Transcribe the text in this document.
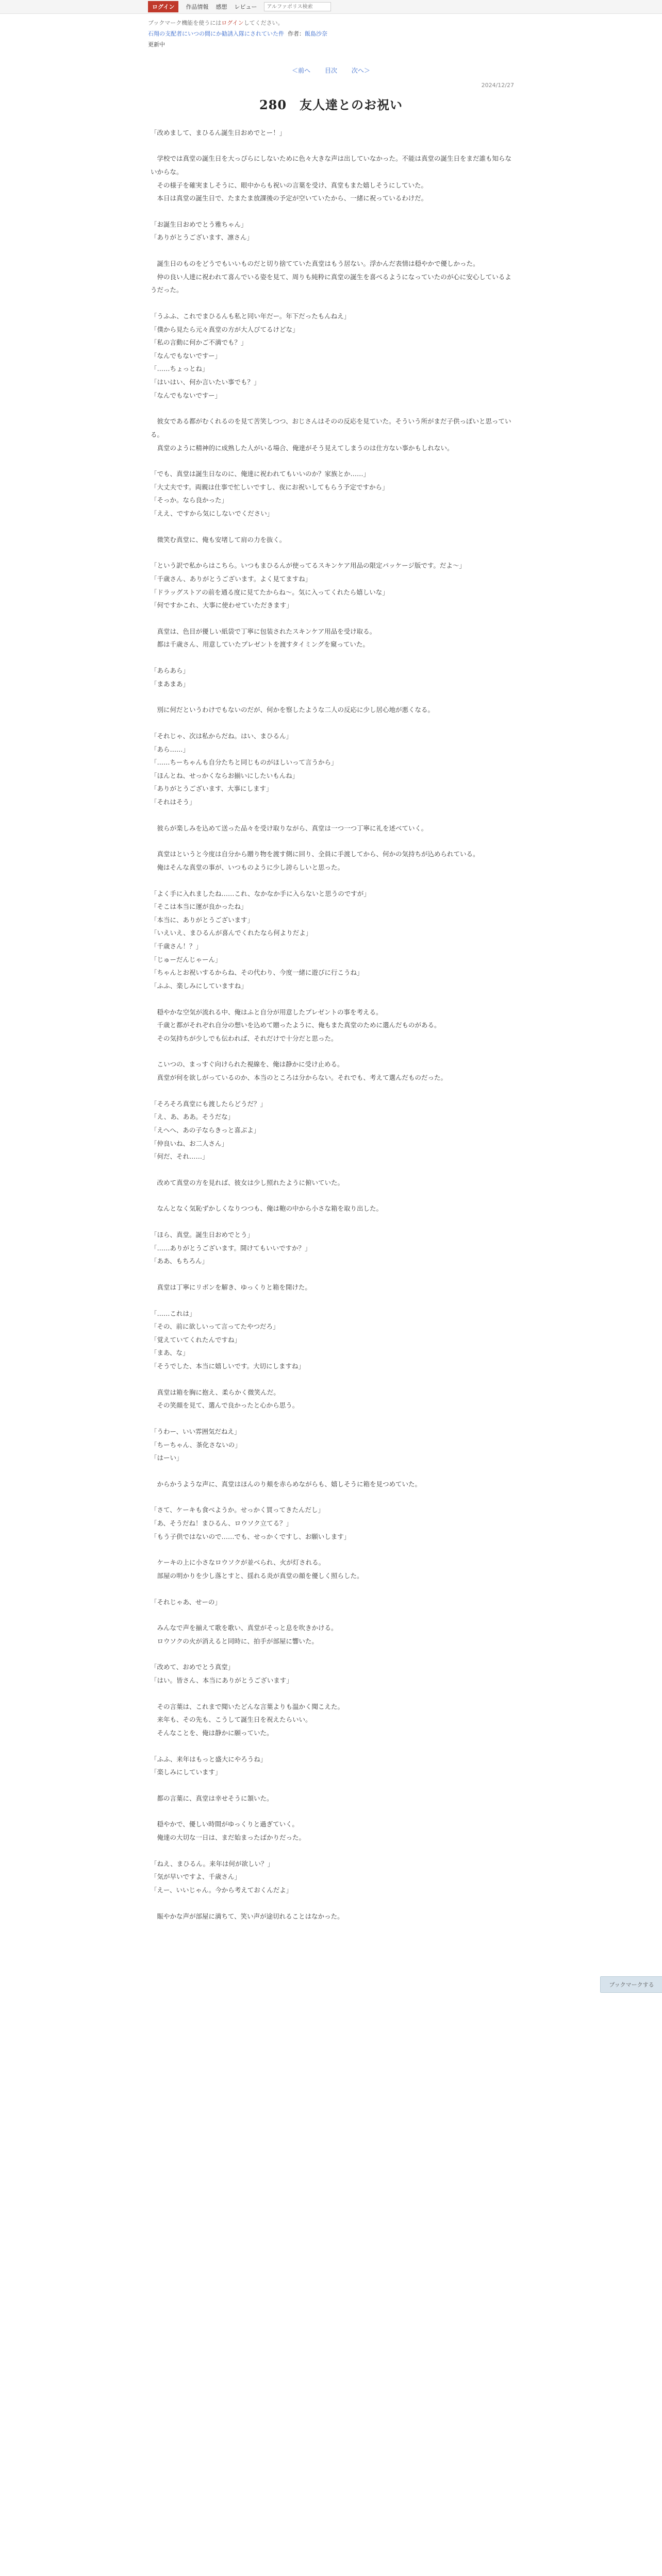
ログイン	作品情報 感想 レビュー
アルファポリス検索
ブックマーク機能を使うにはログインしてください。
石翔の支配者にいつの間にか勧誘入隊にされていた件 作者：飯島沙奈
更新中
＜前へ 目次 次へ＞
2024/12/27
280　友人達とのお祝い

「改めまして、まひるん誕生日おめでとー！」

　学校では真堂の誕生日を大っぴらにしないために色々大きな声は出していなかった。不能は真堂の誕生日をまだ誰も知らないからな。

　その様子を確実ましそうに、眼中からも祝いの言葉を受け、真堂もまた嬉しそうにしていた。

　本日は真堂の誕生日で、たまたま放課後の予定が空いていたから、一緒に祝っているわけだ。

「お誕生日おめでとう雅ちゃん」

「ありがとうございます、凛さん」

　誕生日のものをどうでもいいものだと切り捨てていた真堂はもう居ない。浮かんだ表情は穏やかで優しかった。

　仲の良い人達に祝われて喜んでいる姿を見て、周りも純粋に真堂の誕生を喜べるようになっていたのが心に安心しているようだった。

「うふふ、これでまひるんも私と同い年だー。年下だったもんねえ」

「僕から見たら元々真堂の方が大人びてるけどな」

「私の言動に何かご不満でも？」

「なんでもないですー」

「……ちょっとね」

「はいはい、何か言いたい事でも？」

「なんでもないですー」

　彼女である都がむくれるのを見て苦笑しつつ、おじさんはそのの反応を見ていた。そういう所がまだ子供っぽいと思っている。

　真堂のように精神的に成熟した人がいる場合、俺達がそう見えてしまうのは仕方ない事かもしれない。

「でも、真堂は誕生日なのに、俺達に祝われてもいいのか？家族とか……」

「大丈夫です。両親は仕事で忙しいですし、夜にお祝いしてもらう予定ですから」

「そっか。なら良かった」

「ええ、ですから気にしないでください」

　微笑む真堂に、俺も安堵して肩の力を抜く。

「という訳で私からはこちら。いつもまひるんが使ってるスキンケア用品の限定パッケージ版です。だよ〜」

「千歳さん、ありがとうございます。よく見てますね」

「ドラッグストアの前を通る度に見てたからね〜。気に入ってくれたら嬉しいな」

「何ですかこれ、大事に使わせていただきます」

　真堂は、色目が優しい紙袋で丁寧に包装されたスキンケア用品を受け取る。

　都は千歳さん、用意していたプレゼントを渡すタイミングを窺っていた。

「あらあら」

「まあまあ」

　別に何だというわけでもないのだが、何かを察したような二人の反応に少し居心地が悪くなる。

「それじゃ、次は私からだね。はい、まひるん」

「あら……」

「……ちーちゃんも自分たちと同じものがほしいって言うから」

「ほんとね、せっかくならお揃いにしたいもんね」

「ありがとうございます、大事にします」

「それはそう」

　彼らが楽しみを込めて送った品々を受け取りながら、真堂は一つ一つ丁寧に礼を述べていく。

　真堂はというと今度は自分から贈り物を渡す側に回り、全員に手渡してから、何かの気持ちが込められている。

　俺はそんな真堂の事が、いつものように少し誇らしいと思った。

「よく手に入れましたね……これ、なかなか手に入らないと思うのですが」

「そこは本当に運が良かったね」

「本当に、ありがとうございます」

「いえいえ、まひるんが喜んでくれたなら何よりだよ」

「千歳さん！？」

「じゅーだんじゃーん」

「ちゃんとお祝いするからね、その代わり、今度一緒に遊びに行こうね」

「ふふ、楽しみにしていますね」

　穏やかな空気が流れる中、俺はふと自分が用意したプレゼントの事を考える。

　千歳と都がそれぞれ自分の想いを込めて贈ったように、俺もまた真堂のために選んだものがある。

　その気持ちが少しでも伝われば、それだけで十分だと思った。

　こいつの、まっすぐ向けられた視線を、俺は静かに受け止める。

　真堂が何を欲しがっているのか、本当のところは分からない。それでも、考えて選んだものだった。

「そろそろ真堂にも渡したらどうだ？」

「え、あ、ああ。そうだな」

「えへへ、あの子ならきっと喜ぶよ」

「仲良いね、お二人さん」

「何だ、それ……」

　改めて真堂の方を見れば、彼女は少し照れたように俯いていた。

　なんとなく気恥ずかしくなりつつも、俺は鞄の中から小さな箱を取り出した。

「ほら、真堂。誕生日おめでとう」

「……ありがとうございます。開けてもいいですか？」

「ああ、もちろん」

　真堂は丁寧にリボンを解き、ゆっくりと箱を開けた。

「……これは」

「その、前に欲しいって言ってたやつだろ」

「覚えていてくれたんですね」

「まあ、な」

「そうでした、本当に嬉しいです。大切にしますね」

　真堂は箱を胸に抱え、柔らかく微笑んだ。

　その笑顔を見て、選んで良かったと心から思う。

「うわー、いい雰囲気だねえ」

「ちーちゃん、茶化さないの」

「はーい」

　からかうような声に、真堂はほんのり頬を赤らめながらも、嬉しそうに箱を見つめていた。

「さて、ケーキも食べようか。せっかく買ってきたんだし」

「あ、そうだね！まひるん、ロウソク立てる？」

「もう子供ではないので……でも、せっかくですし、お願いします」

　ケーキの上に小さなロウソクが並べられ、火が灯される。

　部屋の明かりを少し落とすと、揺れる炎が真堂の顔を優しく照らした。

「それじゃあ、せーの」

　みんなで声を揃えて歌を歌い、真堂がそっと息を吹きかける。

　ロウソクの火が消えると同時に、拍手が部屋に響いた。

「改めて、おめでとう真堂」

「はい。皆さん、本当にありがとうございます」

　その言葉は、これまで聞いたどんな言葉よりも温かく聞こえた。

　来年も、その先も、こうして誕生日を祝えたらいい。

　そんなことを、俺は静かに願っていた。

「ふふ、来年はもっと盛大にやろうね」

「楽しみにしています」

　都の言葉に、真堂は幸せそうに頷いた。

　穏やかで、優しい時間がゆっくりと過ぎていく。

　俺達の大切な一日は、まだ始まったばかりだった。

「ねえ、まひるん。来年は何が欲しい？」

「気が早いですよ、千歳さん」

「えー、いいじゃん。今から考えておくんだよ」

　賑やかな声が部屋に満ちて、笑い声が途切れることはなかった。

ブックマークする
